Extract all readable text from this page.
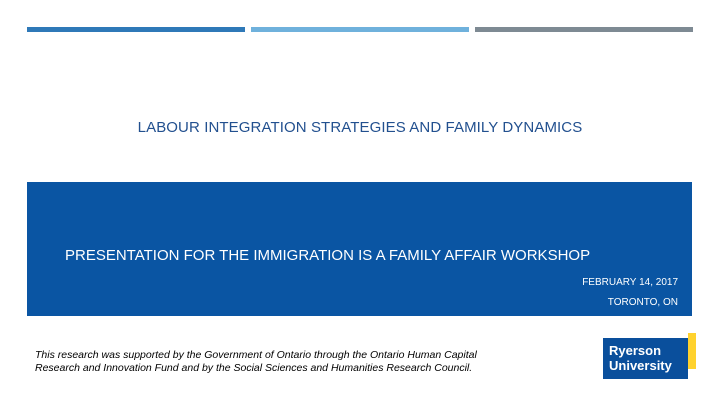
LABOUR INTEGRATION STRATEGIES AND FAMILY DYNAMICS
PRESENTATION FOR THE IMMIGRATION IS A FAMILY AFFAIR WORKSHOP
FEBRUARY 14, 2017
TORONTO, ON
This research was supported by the Government of Ontario through the Ontario Human Capital
Research and Innovation Fund and by the Social Sciences and Humanities Research Council.
Ryerson
University
